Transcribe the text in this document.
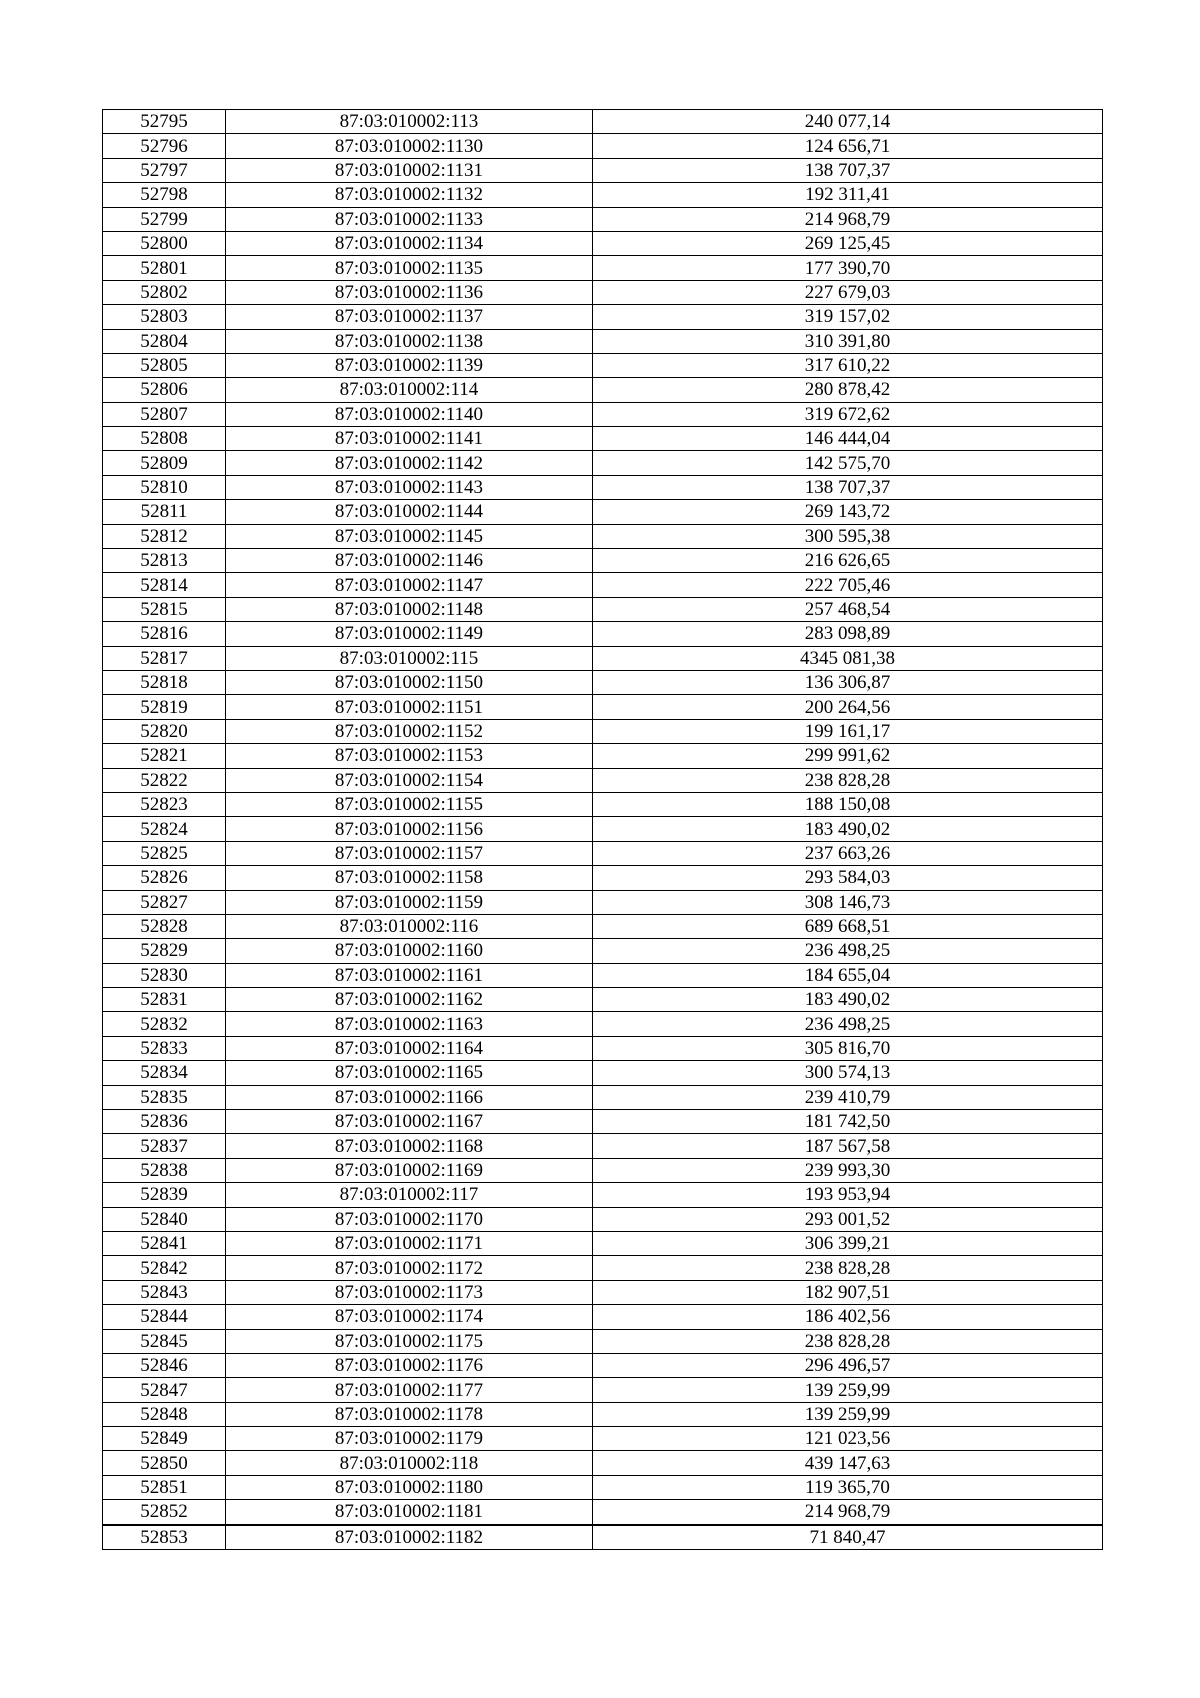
52795	87:03:010002:113	240 077,14
52796	87:03:010002:1130	124 656,71
52797	87:03:010002:1131	138 707,37
52798	87:03:010002:1132	192 311,41
52799	87:03:010002:1133	214 968,79
52800	87:03:010002:1134	269 125,45
52801	87:03:010002:1135	177 390,70
52802	87:03:010002:1136	227 679,03
52803	87:03:010002:1137	319 157,02
52804	87:03:010002:1138	310 391,80
52805	87:03:010002:1139	317 610,22
52806	87:03:010002:114	280 878,42
52807	87:03:010002:1140	319 672,62
52808	87:03:010002:1141	146 444,04
52809	87:03:010002:1142	142 575,70
52810	87:03:010002:1143	138 707,37
52811	87:03:010002:1144	269 143,72
52812	87:03:010002:1145	300 595,38
52813	87:03:010002:1146	216 626,65
52814	87:03:010002:1147	222 705,46
52815	87:03:010002:1148	257 468,54
52816	87:03:010002:1149	283 098,89
52817	87:03:010002:115	4345 081,38
52818	87:03:010002:1150	136 306,87
52819	87:03:010002:1151	200 264,56
52820	87:03:010002:1152	199 161,17
52821	87:03:010002:1153	299 991,62
52822	87:03:010002:1154	238 828,28
52823	87:03:010002:1155	188 150,08
52824	87:03:010002:1156	183 490,02
52825	87:03:010002:1157	237 663,26
52826	87:03:010002:1158	293 584,03
52827	87:03:010002:1159	308 146,73
52828	87:03:010002:116	689 668,51
52829	87:03:010002:1160	236 498,25
52830	87:03:010002:1161	184 655,04
52831	87:03:010002:1162	183 490,02
52832	87:03:010002:1163	236 498,25
52833	87:03:010002:1164	305 816,70
52834	87:03:010002:1165	300 574,13
52835	87:03:010002:1166	239 410,79
52836	87:03:010002:1167	181 742,50
52837	87:03:010002:1168	187 567,58
52838	87:03:010002:1169	239 993,30
52839	87:03:010002:117	193 953,94
52840	87:03:010002:1170	293 001,52
52841	87:03:010002:1171	306 399,21
52842	87:03:010002:1172	238 828,28
52843	87:03:010002:1173	182 907,51
52844	87:03:010002:1174	186 402,56
52845	87:03:010002:1175	238 828,28
52846	87:03:010002:1176	296 496,57
52847	87:03:010002:1177	139 259,99
52848	87:03:010002:1178	139 259,99
52849	87:03:010002:1179	121 023,56
52850	87:03:010002:118	439 147,63
52851	87:03:010002:1180	119 365,70
52852	87:03:010002:1181	214 968,79
52853	87:03:010002:1182	71 840,47
